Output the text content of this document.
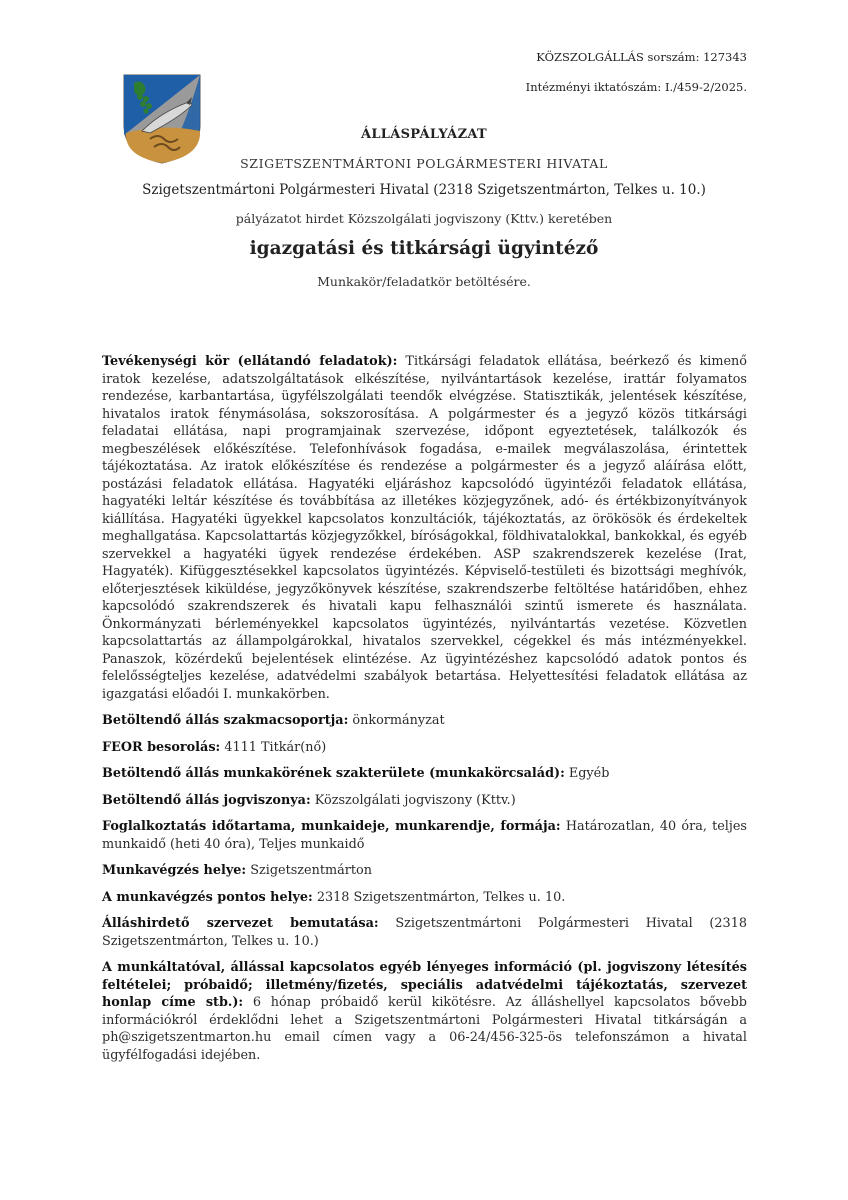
KÖZSZOLGÁLLÁS sorszám: 127343
Intézményi iktatószám: I./459-2/2025.
ÁLLÁSPÁLYÁZAT
SZIGETSZENTMÁRTONI POLGÁRMESTERI HIVATAL
Szigetszentmártoni Polgármesteri Hivatal (2318 Szigetszentmárton, Telkes u. 10.)
pályázatot hirdet Közszolgálati jogviszony (Kttv.) keretében
igazgatási és titkársági ügyintéző
Munkakör/feladatkör betöltésére.

Tevékenységi kör (ellátandó feladatok): Titkársági feladatok ellátása, beérkező és kimenő iratok kezelése, adatszolgáltatások elkészítése, nyilvántartások kezelése, irattár folyamatos rendezése, karbantartása, ügyfélszolgálati teendők elvégzése. Statisztikák, jelentések készítése, hivatalos iratok fénymásolása, sokszorosítása. A polgármester és a jegyző közös titkársági feladatai ellátása, napi programjainak szervezése, időpont egyeztetések, találkozók és megbeszélések előkészítése. Telefonhívások fogadása, e-mailek megválaszolása, érintettek tájékoztatása. Az iratok előkészítése és rendezése a polgármester és a jegyző aláírása előtt, postázási feladatok ellátása. Hagyatéki eljáráshoz kapcsolódó ügyintézői feladatok ellátása, hagyatéki leltár készítése és továbbítása az illetékes közjegyzőnek, adó- és értékbizonyítványok kiállítása. Hagyatéki ügyekkel kapcsolatos konzultációk, tájékoztatás, az örökösök és érdekeltek meghallgatása. Kapcsolattartás közjegyzőkkel, bíróságokkal, földhivatalokkal, bankokkal, és egyéb szervekkel a hagyatéki ügyek rendezése érdekében. ASP szakrendszerek kezelése (Irat, Hagyaték). Kifüggesztésekkel kapcsolatos ügyintézés. Képviselő-testületi és bizottsági meghívók, előterjesztések kiküldése, jegyzőkönyvek készítése, szakrendszerbe feltöltése határidőben, ehhez kapcsolódó szakrendszerek és hivatali kapu felhasználói szintű ismerete és használata. Önkormányzati bérleményekkel kapcsolatos ügyintézés, nyilvántartás vezetése. Közvetlen kapcsolattartás az állampolgárokkal, hivatalos szervekkel, cégekkel és más intézményekkel. Panaszok, közérdekű bejelentések elintézése. Az ügyintézéshez kapcsolódó adatok pontos és felelősségteljes kezelése, adatvédelmi szabályok betartása. Helyettesítési feladatok ellátása az igazgatási előadói I. munkakörben.

Betöltendő állás szakmacsoportja: önkormányzat

FEOR besorolás: 4111 Titkár(nő)

Betöltendő állás munkakörének szakterülete (munkakörcsalád): Egyéb

Betöltendő állás jogviszonya: Közszolgálati jogviszony (Kttv.)

Foglalkoztatás időtartama, munkaideje, munkarendje, formája: Határozatlan, 40 óra, teljes munkaidő (heti 40 óra), Teljes munkaidő

Munkavégzés helye: Szigetszentmárton

A munkavégzés pontos helye: 2318 Szigetszentmárton, Telkes u. 10.

Álláshirdető szervezet bemutatása: Szigetszentmártoni Polgármesteri Hivatal (2318 Szigetszentmárton, Telkes u. 10.)

A munkáltatóval, állással kapcsolatos egyéb lényeges információ (pl. jogviszony létesítés feltételei; próbaidő; illetmény/fizetés, speciális adatvédelmi tájékoztatás, szervezet honlap címe stb.): 6 hónap próbaidő kerül kikötésre. Az álláshellyel kapcsolatos bővebb információkról érdeklődni lehet a Szigetszentmártoni Polgármesteri Hivatal titkárságán a ph@szigetszentmarton.hu email címen vagy a 06-24/456-325-ös telefonszámon a hivatal ügyfélfogadási idejében.
